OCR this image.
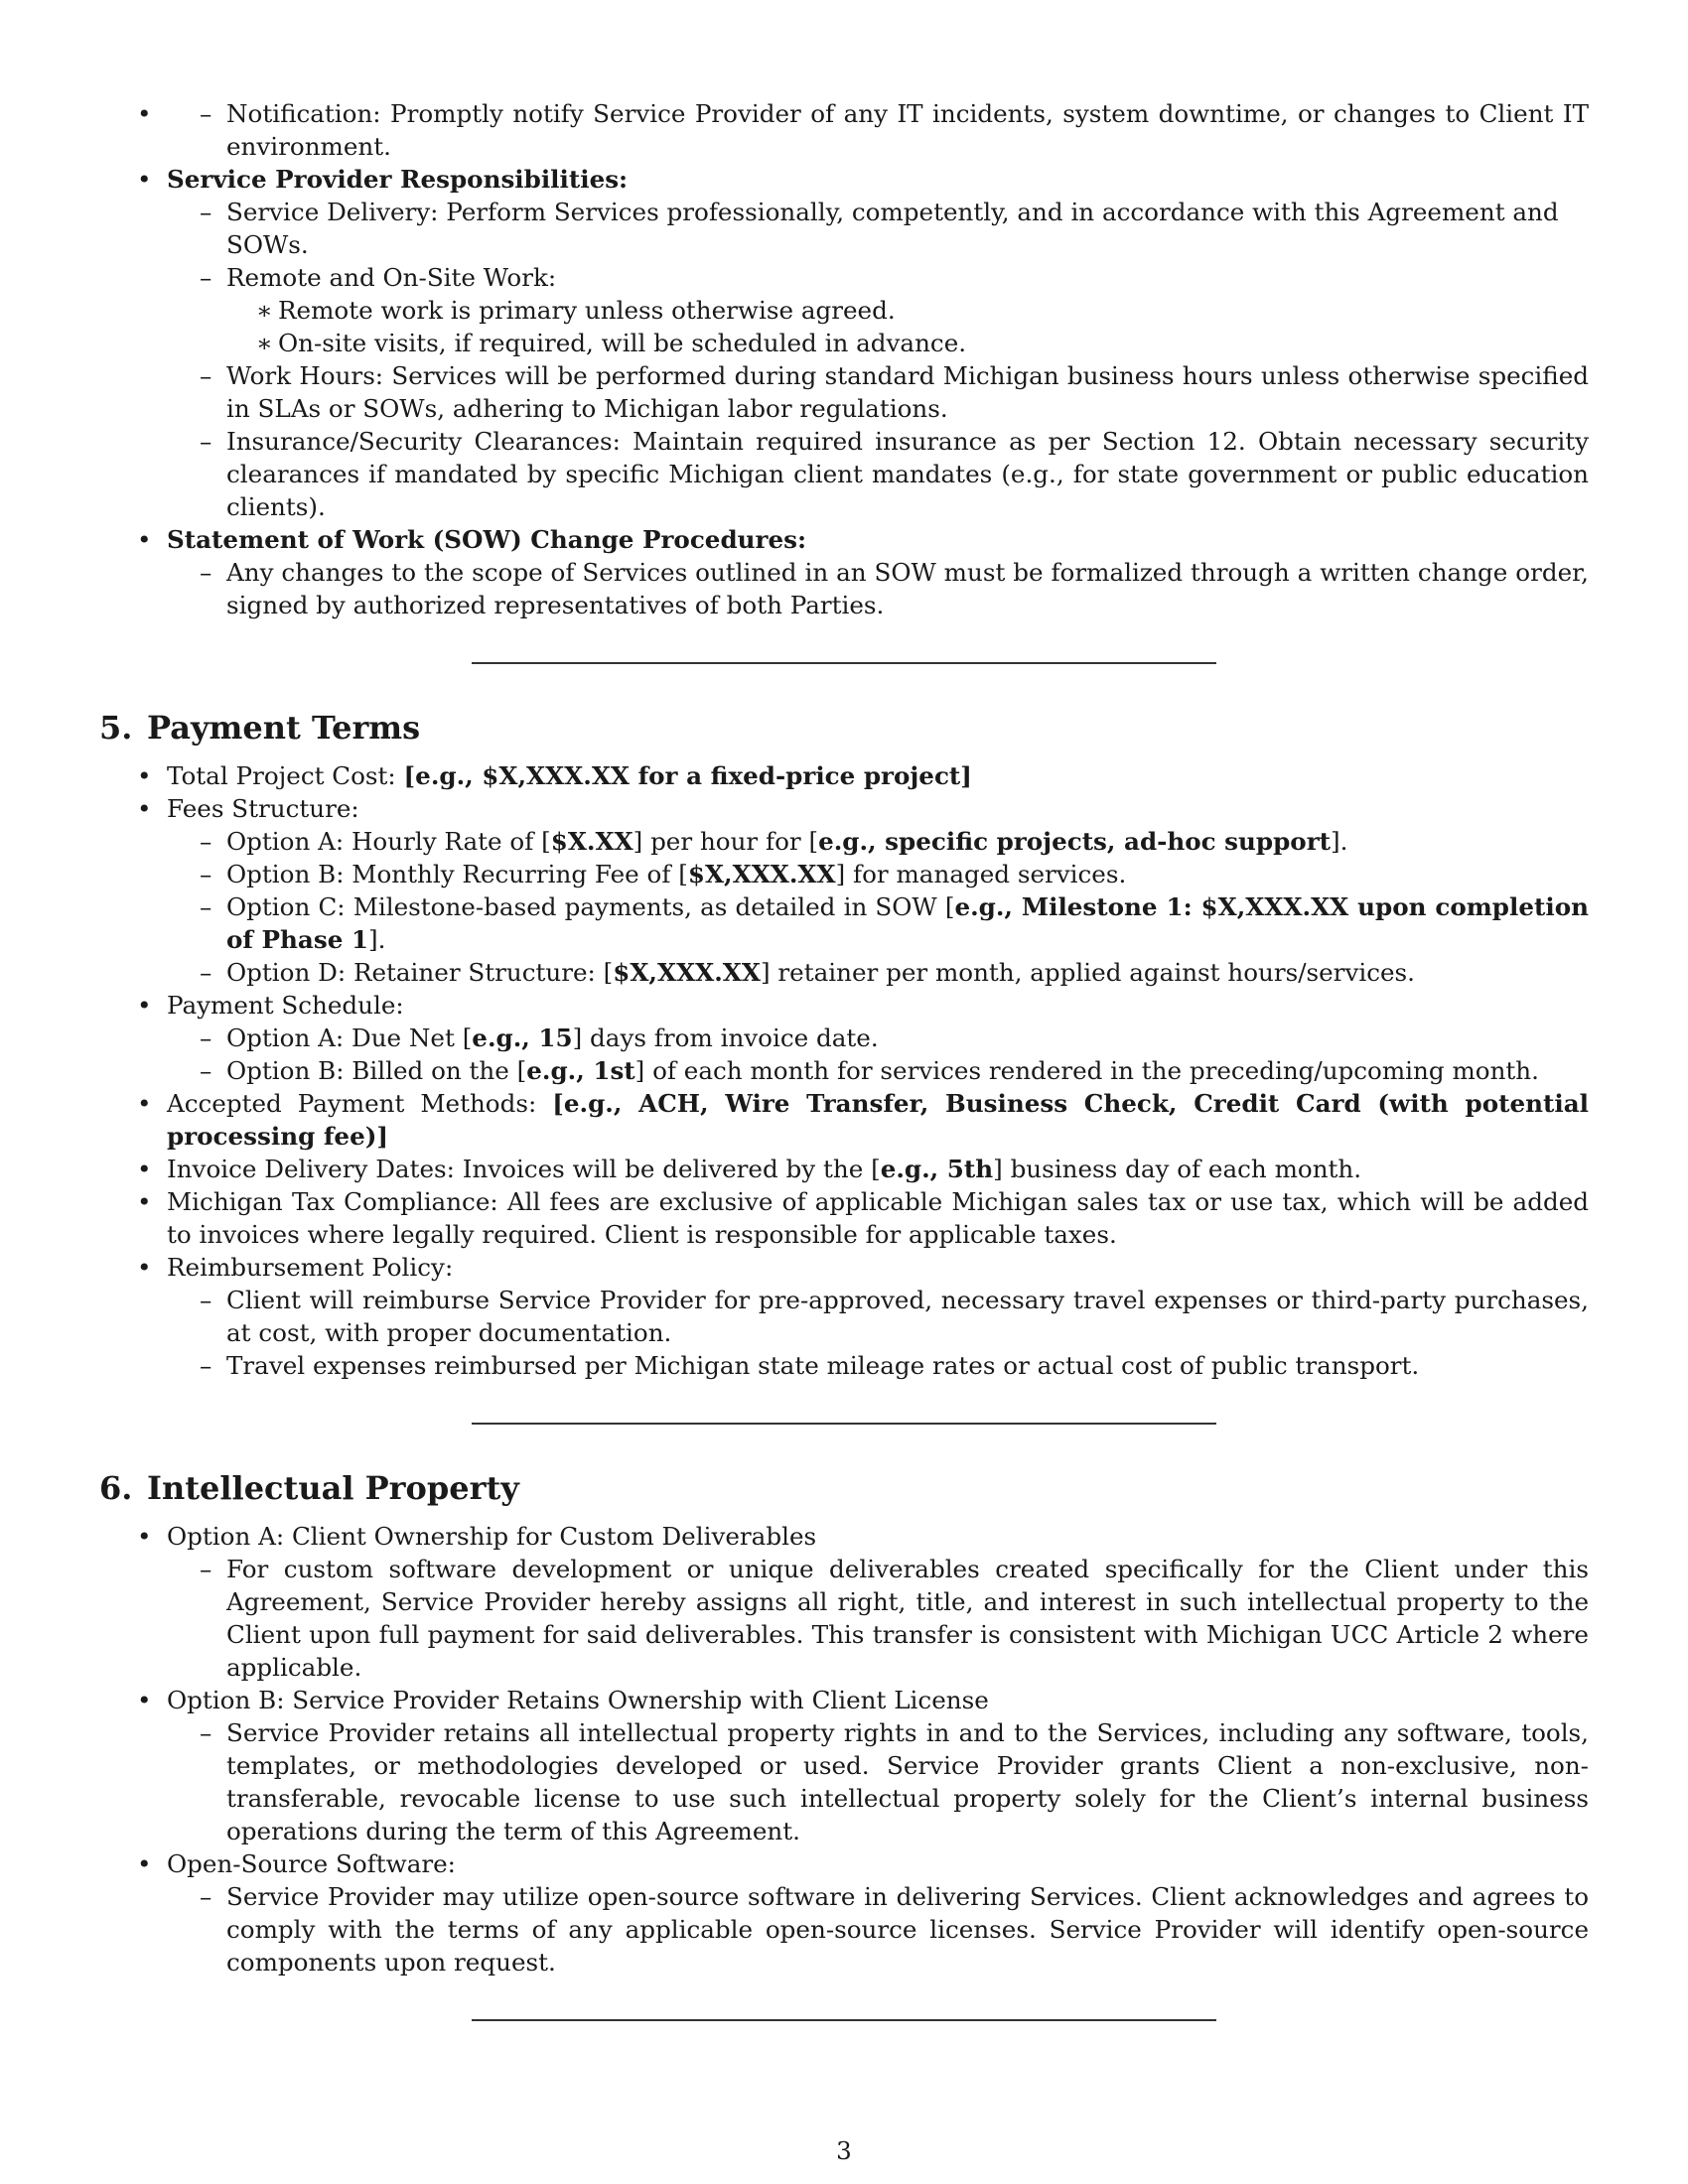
– • Notification: Promptly notify Service Provider of any IT incidents, system downtime, or changes to Client IT environment.

• Service Provider Responsibilities:

– Service Delivery: Perform Services professionally, competently, and in accordance with this Agreement and SOWs.

– Remote and On-Site Work:

∗ Remote work is primary unless otherwise agreed.

∗ On-site visits, if required, will be scheduled in advance.

– Work Hours: Services will be performed during standard Michigan business hours unless otherwise specified in SLAs or SOWs, adhering to Michigan labor regulations.

– Insurance/Security Clearances: Maintain required insurance as per Section 12. Obtain necessary security clearances if mandated by specific Michigan client mandates (e.g., for state government or public education clients).

• Statement of Work (SOW) Change Procedures:

– Any changes to the scope of Services outlined in an SOW must be formalized through a written change order, signed by authorized representatives of both Parties.

5. Payment Terms
• Total Project Cost: [e.g., $X,XXX.XX for a fixed-price project]

• Fees Structure:

– Option A: Hourly Rate of [$X.XX] per hour for [e.g., specific projects, ad-hoc support].
– Option B: Monthly Recurring Fee of [$X,XXX.XX] for managed services.

– Option C: Milestone-based payments, as detailed in SOW [e.g., Milestone 1: $X,XXX.XX upon completion of Phase 1].

– Option D: Retainer Structure: [$X,XXX.XX] retainer per month, applied against hours/services.

• Payment Schedule:

– Option A: Due Net [e.g., 15] days from invoice date.
– Option B: Billed on the [e.g., 1st] of each month for services rendered in the preceding/upcoming month.

• Accepted Payment Methods: [e.g., ACH, Wire Transfer, Business Check, Credit Card (with potential processing fee)]

• Invoice Delivery Dates: Invoices will be delivered by the [e.g., 5th] business day of each month.

• Michigan Tax Compliance: All fees are exclusive of applicable Michigan sales tax or use tax, which will be added to invoices where legally required. Client is responsible for applicable taxes.

• Reimbursement Policy:

– Client will reimburse Service Provider for pre-approved, necessary travel expenses or third-party purchases, at cost, with proper documentation.

– Travel expenses reimbursed per Michigan state mileage rates or actual cost of public transport.

6. Intellectual Property

• Option A: Client Ownership for Custom Deliverables

– For custom software development or unique deliverables created specifically for the Client under this Agreement, Service Provider hereby assigns all right, title, and interest in such intellectual property to the Client upon full payment for said deliverables. This transfer is consistent with Michigan UCC Article 2 where applicable.

• Option B: Service Provider Retains Ownership with Client License

– Service Provider retains all intellectual property rights in and to the Services, including any software, tools, templates, or methodologies developed or used. Service Provider grants Client a non-exclusive, non-transferable, revocable license to use such intellectual property solely for the Client’s internal business operations during the term of this Agreement.

• Open-Source Software:

– Service Provider may utilize open-source software in delivering Services. Client acknowledges and agrees to comply with the terms of any applicable open-source licenses. Service Provider will identify open-source components upon request.

3
